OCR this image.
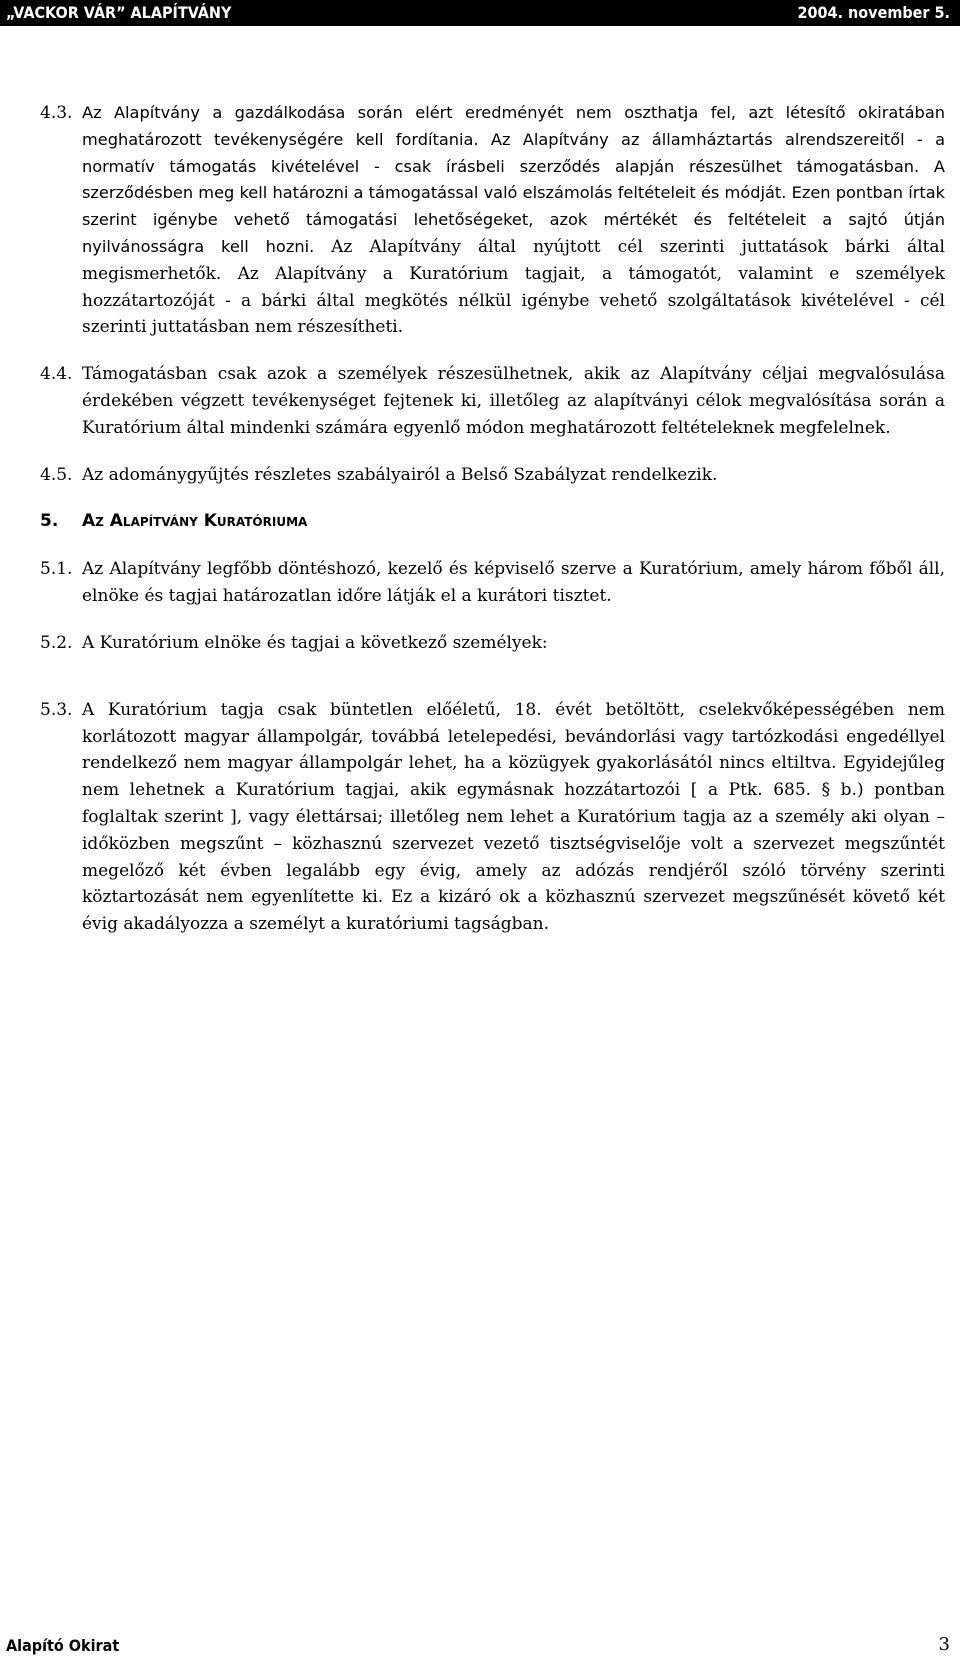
„VACKOR VÁR” ALAPÍTVÁNY	2004. november 5.
4.3. Az Alapítvány a gazdálkodása során elért eredményét nem oszthatja fel, azt létesítő okiratában meghatározott tevékenységére kell fordítania. Az Alapítvány az államháztartás alrendszereitől - a normatív támogatás kivételével - csak írásbeli szerződés alapján részesülhet támogatásban. A szerződésben meg kell határozni a támogatással való elszámolás feltételeit és módját. Ezen pontban írtak szerint igénybe vehető támogatási lehetőségeket, azok mértékét és feltételeit a sajtó útján nyilvánosságra kell hozni. Az Alapítvány által nyújtott cél szerinti juttatások bárki által megismerhetők. Az Alapítvány a Kuratórium tagjait, a támogatót, valamint e személyek hozzátartozóját - a bárki által megkötés nélkül igénybe vehető szolgáltatások kivételével - cél szerinti juttatásban nem részesítheti.
4.4. Támogatásban csak azok a személyek részesülhetnek, akik az Alapítvány céljai megvalósulása érdekében végzett tevékenységet fejtenek ki, illetőleg az alapítványi célok megvalósítása során a Kuratórium által mindenki számára egyenlő módon meghatározott feltételeknek megfelelnek.
4.5. Az adománygyűjtés részletes szabályairól a Belső Szabályzat rendelkezik.
5. Az Alapítvány Kuratóriuma
5.1. Az Alapítvány legfőbb döntéshozó, kezelő és képviselő szerve a Kuratórium, amely három főből áll, elnöke és tagjai határozatlan időre látják el a kurátori tisztet.
5.2. A Kuratórium elnöke és tagjai a következő személyek:
5.3. A Kuratórium tagja csak büntetlen előéletű, 18. évét betöltött, cselekvőképességében nem korlátozott magyar állampolgár, továbbá letelepedési, bevándorlási vagy tartózkodási engedéllyel rendelkező nem magyar állampolgár lehet, ha a közügyek gyakorlásától nincs eltiltva. Egyidejűleg nem lehetnek a Kuratórium tagjai, akik egymásnak hozzátartozói [ a Ptk. 685. § b.) pontban foglaltak szerint ], vagy élettársai; illetőleg nem lehet a Kuratórium tagja az a személy aki olyan – időközben megszűnt – közhasznú szervezet vezető tisztségviselője volt a szervezet megszűntét megelőző két évben legalább egy évig, amely az adózás rendjéről szóló törvény szerinti köztartozását nem egyenlítette ki. Ez a kizáró ok a közhasznú szervezet megszűnését követő két évig akadályozza a személyt a kuratóriumi tagságban.
Alapító Okirat	3
